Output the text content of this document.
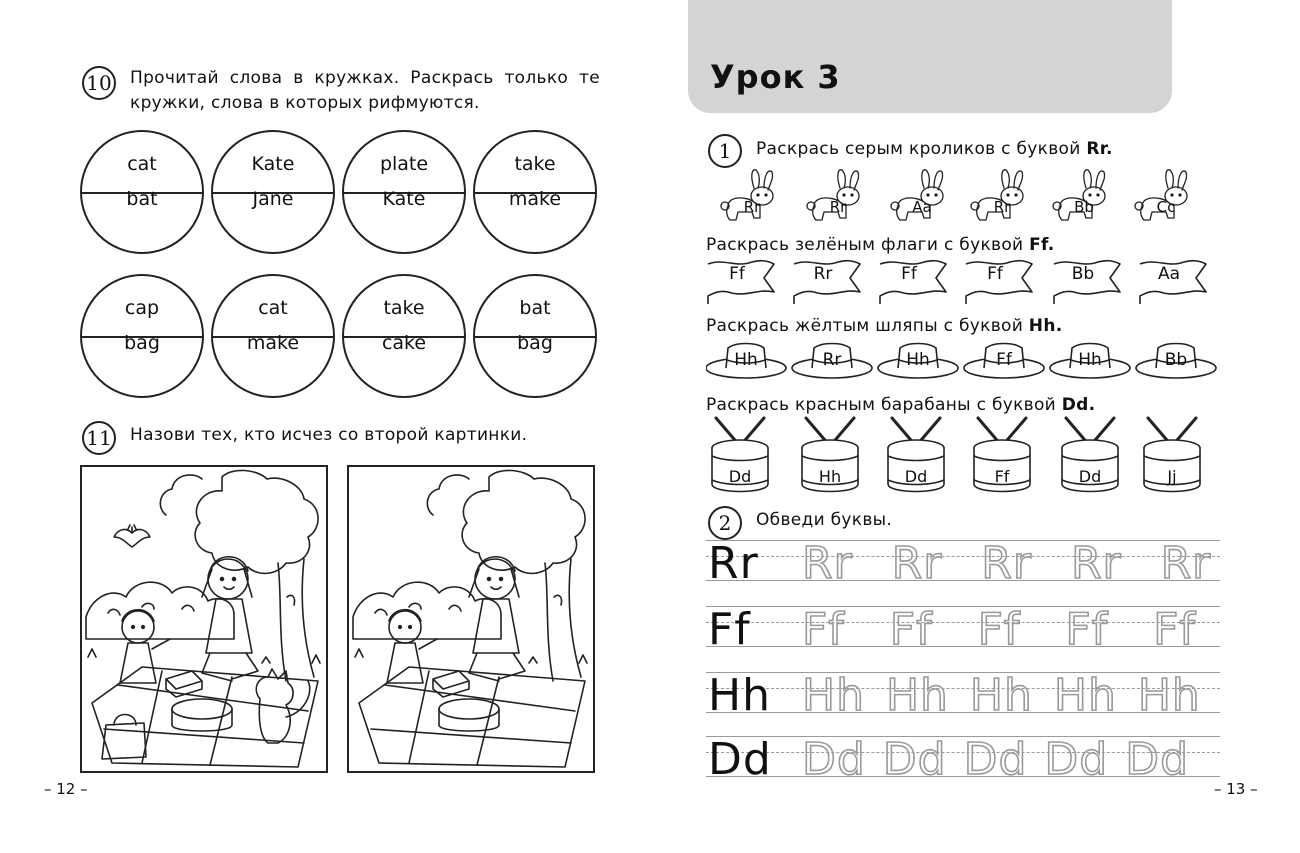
10 Прочитай слова в кружках. Раскрась только те
кружки, слова в которых рифмуются.
cat
bat
Kate
Jane
plate
Kate
take
make
cap
bag
cat
make
take
cake
bat
bag
11 Назови тех, кто исчез со второй картинки.
– 12 –
Урок 3
1	Раскрась серым кроликов с буквой Rr.
Rr	Rr	Aa	Rr	Bb	Cc
Раскрась зелёным флаги с буквой Ff.
Ff	Rr	Ff	Ff	Bb	Aa
Раскрась жёлтым шляпы с буквой Hh.
Hh	Rr	Hh	Ff	Hh	Bb
Раскрась красным барабаны с буквой Dd.
Dd	Hh	Dd	Ff	Dd	Jj
2	Обведи буквы.
Rr Rr Rr Rr Rr Rr
Ff Ff Ff Ff Ff Ff
Hh Hh Hh Hh Hh Hh
Dd Dd Dd Dd Dd Dd
– 13 –
